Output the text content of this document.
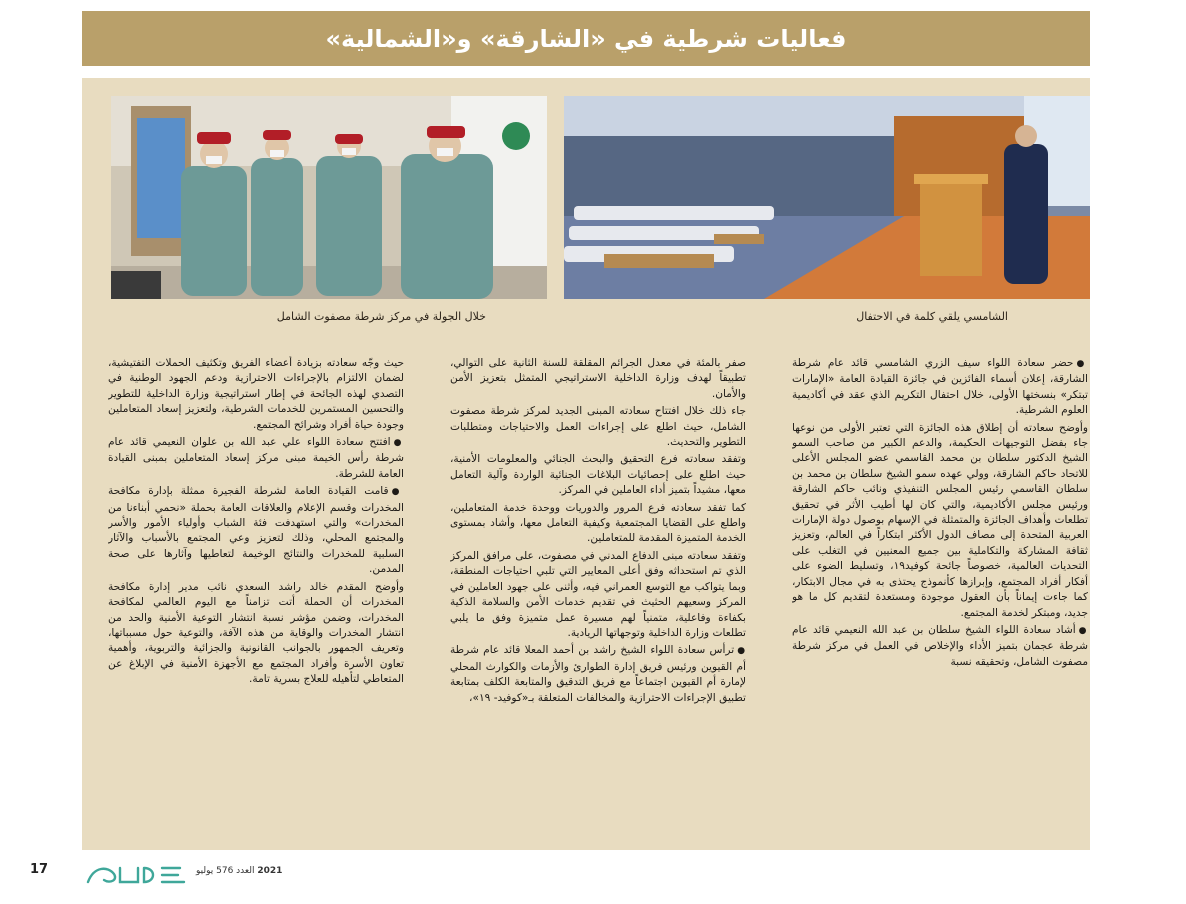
فعاليات شرطية في «الشارقة» و«الشمالية»
خلال الجولة في مركز شرطة مصفوت الشامل	الشامسي يلقي كلمة في الاحتفال

●حضر سعادة اللواء سيف الزري الشامسي قائد عام شرطة الشارقة، إعلان أسماء الفائزين في جائزة القيادة العامة «الإمارات تبتكر» بنسختها الأولى، خلال احتفال التكريم الذي عقد في أكاديمية العلوم الشرطية.

وأوضح سعادته أن إطلاق هذه الجائزة التي تعتبر الأولى من نوعها جاء بفضل التوجيهات الحكيمة، والدعم الكبير من صاحب السمو الشيخ الدكتور سلطان بن محمد القاسمي عضو المجلس الأعلى للاتحاد حاكم الشارقة، وولي عهده سمو الشيخ سلطان بن محمد بن سلطان القاسمي رئيس المجلس التنفيذي ونائب حاكم الشارقة ورئيس مجلس الأكاديمية، والتي كان لها أطيب الأثر في تحقيق تطلعات وأهداف الجائزة والمتمثلة في الإسهام بوصول دولة الإمارات العربية المتحدة إلى مصاف الدول الأكثر ابتكاراً في العالم، وتعزيز ثقافة المشاركة والتكاملية بين جميع المعنيين في التغلب على التحديات العالمية، خصوصاً جائحة كوفيد١٩، وتسليط الضوء على أفكار أفراد المجتمع، وإبرازها كأنموذج يحتذى به في مجال الابتكار، كما جاءت إيماناً بأن العقول موجودة ومستعدة لتقديم كل ما هو جديد، ومبتكر لخدمة المجتمع.

●أشاد سعادة اللواء الشيخ سلطان بن عبد الله النعيمي قائد عام شرطة عجمان بتميز الأداء والإخلاص في العمل في مركز شرطة مصفوت الشامل، وتحقيقه نسبة

صفر بالمئة في معدل الجرائم المقلقة للسنة الثانية على التوالي، تطبيقاً لهدف وزارة الداخلية الاستراتيجي المتمثل بتعزيز الأمن والأمان.

جاء ذلك خلال افتتاح سعادته المبنى الجديد لمركز شرطة مصفوت الشامل، حيث اطلع على إجراءات العمل والاحتياجات ومتطلبات التطوير والتحديث.

وتفقد سعادته فرع التحقيق والبحث الجنائي والمعلومات الأمنية، حيث اطلع على إحصائيات البلاغات الجنائية الواردة وآلية التعامل معها، مشيداً بتميز أداء العاملين في المركز.

كما تفقد سعادته فرع المرور والدوريات ووحدة خدمة المتعاملين، واطلع على القضايا المجتمعية وكيفية التعامل معها، وأشاد بمستوى الخدمة المتميزة المقدمة للمتعاملين.

وتفقد سعادته مبنى الدفاع المدني في مصفوت، على مرافق المركز الذي تم استحداثه وفق أعلى المعايير التي تلبي احتياجات المنطقة، وبما يتواكب مع التوسع العمراني فيه، وأثنى على جهود العاملين في المركز وسعيهم الحثيث في تقديم خدمات الأمن والسلامة الذكية بكفاءة وفاعلية، متمنياً لهم مسيرة عمل متميزة وفق ما يلبي تطلعات وزارة الداخلية وتوجهاتها الريادية.

●ترأس سعادة اللواء الشيخ راشد بن أحمد المعلا قائد عام شرطة أم القيوين ورئيس فريق إدارة الطوارئ والأزمات والكوارث المحلي لإمارة أم القيوين اجتماعاً مع فريق التدقيق والمتابعة الكلف بمتابعة تطبيق الإجراءات الاحترازية والمخالفات المتعلقة بـ«كوفيد- ١٩»،

حيث وجّه سعادته بزيادة أعضاء الفريق وتكثيف الحملات التفتيشية، لضمان الالتزام بالإجراءات الاحترازية ودعم الجهود الوطنية في التصدي لهذه الجائحة في إطار استراتيجية وزارة الداخلية للتطوير والتحسين المستمرين للخدمات الشرطية، ولتعزيز إسعاد المتعاملين وجودة حياة أفراد وشرائح المجتمع.

●افتتح سعادة اللواء علي عبد الله بن علوان النعيمي قائد عام شرطة رأس الخيمة مبنى مركز إسعاد المتعاملين بمبنى القيادة العامة للشرطة.

●قامت القيادة العامة لشرطة الفجيرة ممثلة بإدارة مكافحة المخدرات وقسم الإعلام والعلاقات العامة بحملة «نحمي أبناءنا من المخدرات» والتي استهدفت فئة الشباب وأولياء الأمور والأسر والمجتمع المحلي، وذلك لتعزيز وعي المجتمع بالأسباب والآثار السلبية للمخدرات والنتائج الوخيمة لتعاطيها وآثارها على صحة المدمن.

وأوضح المقدم خالد راشد السعدي نائب مدير إدارة مكافحة المخدرات أن الحملة أتت تزامناً مع اليوم العالمي لمكافحة المخدرات، وضمن مؤشر نسبة انتشار التوعية الأمنية والحد من انتشار المخدرات والوقاية من هذه الآفة، والتوعية حول مسبباتها، وتعريف الجمهور بالجوانب القانونية والجزائية والتربوية، وأهمية تعاون الأسرة وأفراد المجتمع مع الأجهزة الأمنية في الإبلاغ عن المتعاطي لتأهيله للعلاج بسرية تامة.

17	2021 العدد 576 يوليو
